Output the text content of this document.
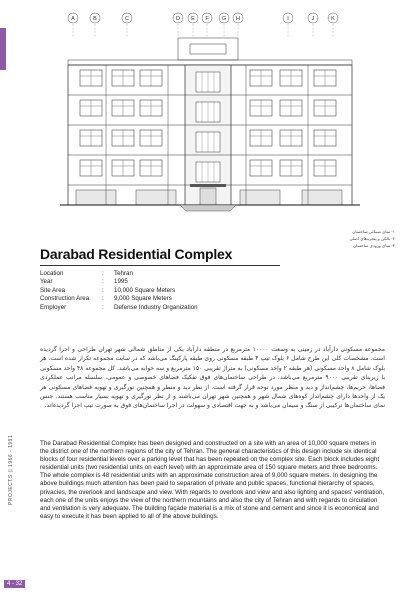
PROJECTS || 1966 - 1991
4 - 32
A	B	C	D E F G H	I	J	K
۱- نمای شمالی ساختمان
۲- بالکن و پنجره‌های اصلی
۳- نمای ورودی ساختمان
Darabad Residential Complex
Location	:	Tehran
Year	:	1995
Site Area	:	10,000 Square Meters
Construction Area	:	9,000 Square Meters
Employer	:	Defense Industry Organization

مجموعه مسکونی دارآباد در زمینی به وسعت ۱۰۰۰۰ مترمربع در منطقه دارآباد یکی از مناطق شمالی شهر تهران طراحی و اجرا گردیده است. مشخصات کلی این طرح شامل ۶ بلوک تیپ ۴ طبقه مسکونی روی طبقه پارکینگ می‌باشد که در سایت مجموعه تکرار شده است. هر بلوک شامل ۸ واحد مسکونی (هر طبقه ۲ واحد مسکونی) به متراژ تقریبی ۱۵۰ مترمربع و سه خوابه می‌باشد. کل مجموعه ۴۸ واحد مسکونی با زیربنای تقریبی ۹۰۰۰ مترمربع می‌باشد. در طراحی ساختمان‌های فوق تفکیک فضاهای خصوصی و عمومی، سلسله مراتب عملکردی فضاها، حریم‌ها، چشم‌انداز و دید و منظر مورد توجه قرار گرفته است. از نظر دید و منظر و همچنین نورگیری و تهویه فضاهای مسکونی هر یک از واحدها دارای چشم‌انداز کوه‌های شمال شهر و همچنین شهر تهران می‌باشند و از نظر نورگیری و تهویه بسیار مناسب هستند. جنس نمای ساختمان‌ها ترکیبی از سنگ و سیمان می‌باشد و به جهت اقتصادی و سهولت در اجرا ساختمان‌های فوق به صورت تیپ اجرا گردیده‌اند.

The Darabad Residential Complex has been designed and constructed on a site with an area of 10,000 square meters in the district one of the northern regions of the city of Tehran. The general characteristics of this design include six identical blocks of four residential levels over a parking level that has been repeated on the complex site. Each block includes eight residential units (two residential units on each level) with an approximate area of 150 square meters and three bedrooms. The whole complex is 48 residential units with an approximate construction area of 9,000 square meters. In designing the above buildings much attention has been paid to separation of private and public spaces, functional hierarchy of spaces, privacies, the overlook and landscape and view. With regards to overlook and view and also lighting and spaces' ventilation, each one of the units enjoys the view of the northern mountains and also the city of Tehran and with regards to circulation and ventilation is very adequate. The building façade material is a mix of stone and cement and since it is economical and easy to execute it has been applied to all of the above buildings.
